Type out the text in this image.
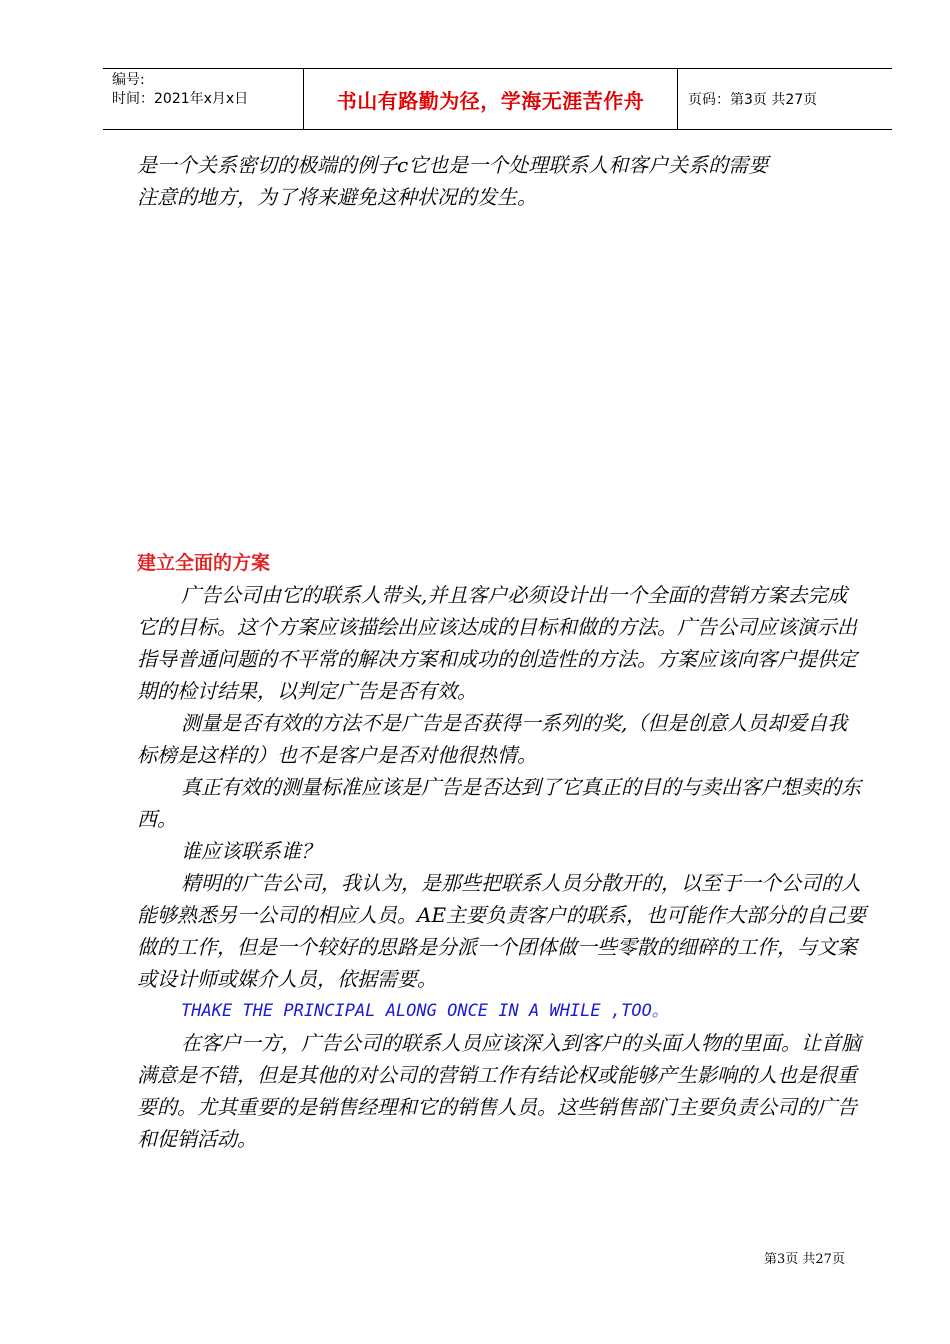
编号:
时间：2021年x月x日	书山有路勤为径，学海无涯苦作舟	页码：第3页 共27页

是一个关系密切的极端的例子c它也是一个处理联系人和客户关系的需要

注意的地方，为了将来避免这种状况的发生。

建立全面的方案

广告公司由它的联系人带头,并且客户必须设计出一个全面的营销方案去完成它的目标。这个方案应该描绘出应该达成的目标和做的方法。广告公司应该演示出指导普通问题的不平常的解决方案和成功的创造性的方法。方案应该向客户提供定期的检讨结果，以判定广告是否有效。

测量是否有效的方法不是广告是否获得一系列的奖,（但是创意人员却爱自我标榜是这样的）也不是客户是否对他很热情。

真正有效的测量标准应该是广告是否达到了它真正的目的与卖出客户想卖的东西。

谁应该联系谁？

精明的广告公司，我认为，是那些把联系人员分散开的，以至于一个公司的人能够熟悉另一公司的相应人员。AE主要负责客户的联系，也可能作大部分的自己要做的工作，但是一个较好的思路是分派一个团体做一些零散的细碎的工作，与文案或设计师或媒介人员，依据需要。

THAKE THE PRINCIPAL ALONG ONCE IN A WHILE ,TOO。

在客户一方，广告公司的联系人员应该深入到客户的头面人物的里面。让首脑满意是不错，但是其他的对公司的营销工作有结论权或能够产生影响的人也是很重要的。尤其重要的是销售经理和它的销售人员。这些销售部门主要负责公司的广告和促销活动。

第3页 共27页
